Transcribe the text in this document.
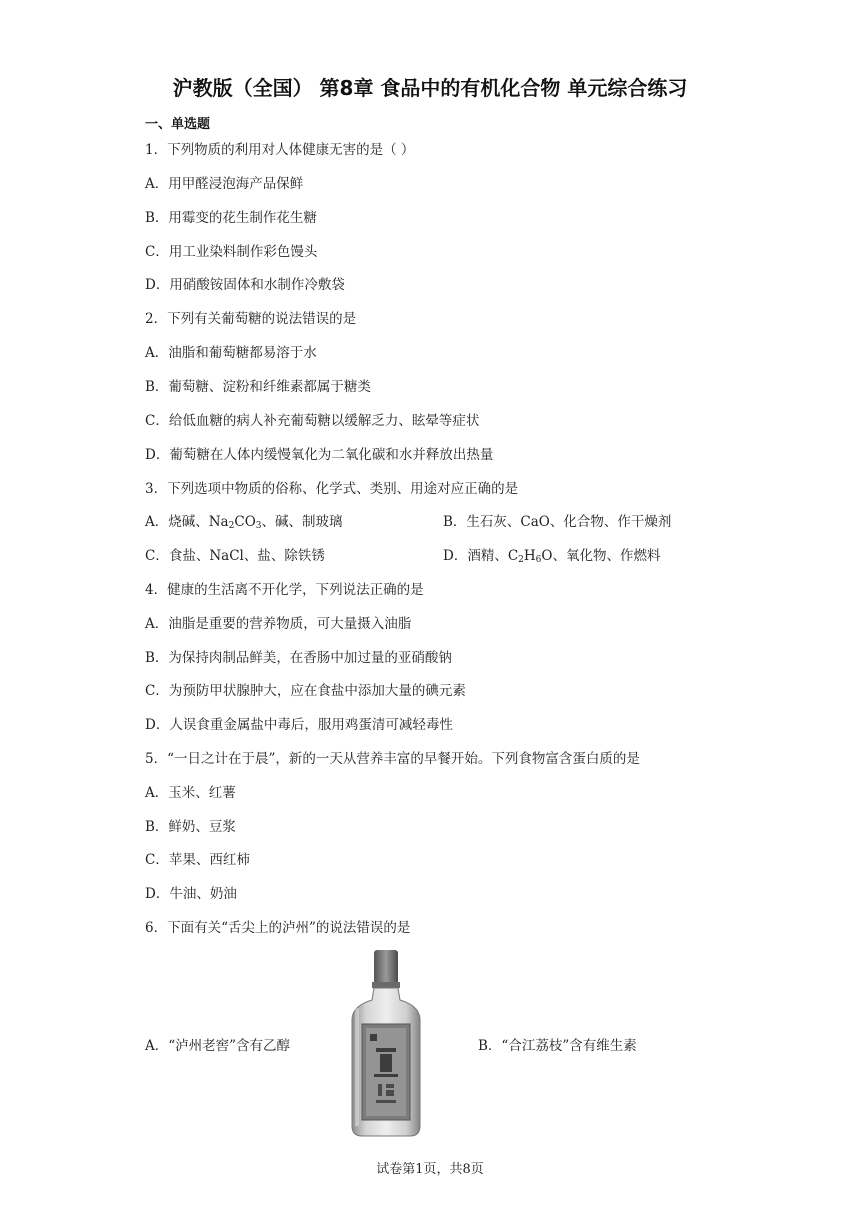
沪教版（全国） 第8章 食品中的有机化合物 单元综合练习
一、单选题
1．下列物质的利用对人体健康无害的是（ ）
A．用甲醛浸泡海产品保鲜
B．用霉变的花生制作花生糖
C．用工业染料制作彩色馒头
D．用硝酸铵固体和水制作冷敷袋
2．下列有关葡萄糖的说法错误的是
A．油脂和葡萄糖都易溶于水
B．葡萄糖、淀粉和纤维素都属于糖类
C．给低血糖的病人补充葡萄糖以缓解乏力、眩晕等症状
D．葡萄糖在人体内缓慢氧化为二氧化碳和水并释放出热量
3．下列选项中物质的俗称、化学式、类别、用途对应正确的是
A．烧碱、$Na_2CO_3$、碱、制玻璃	B．生石灰、CaO、化合物、作干燥剂
C．食盐、NaCl、盐、除铁锈	D．酒精、$C_2H_6O$、氧化物、作燃料
4．健康的生活离不开化学，下列说法正确的是
A．油脂是重要的营养物质，可大量摄入油脂
B．为保持肉制品鲜美，在香肠中加过量的亚硝酸钠
C．为预防甲状腺肿大，应在食盐中添加大量的碘元素
D．人误食重金属盐中毒后，服用鸡蛋清可减轻毒性
5．“一日之计在于晨”，新的一天从营养丰富的早餐开始。下列食物富含蛋白质的是
A．玉米、红薯
B．鲜奶、豆浆
C．苹果、西红柿
D．牛油、奶油
6．下面有关“舌尖上的泸州”的说法错误的是
A．“泸州老窖”含有乙醇	B．“合江荔枝”含有维生素
试卷第1页，共8页
